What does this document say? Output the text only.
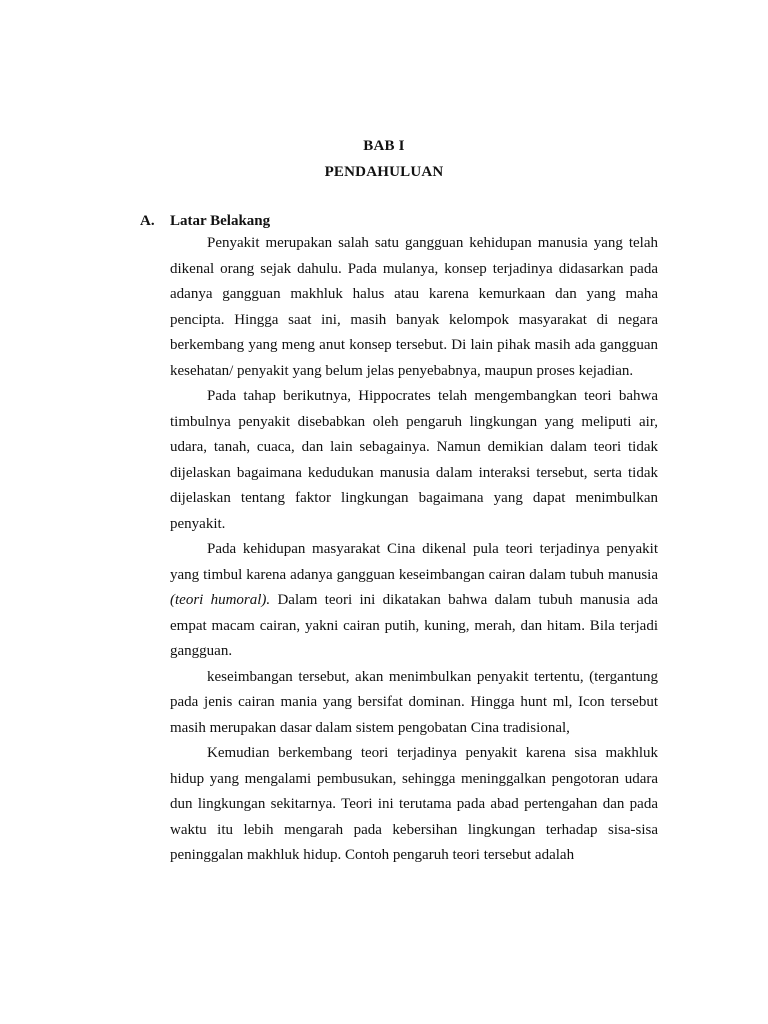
BAB I
PENDAHULUAN
A. Latar Belakang

Penyakit merupakan salah satu gangguan kehidupan manusia yang telah dikenal orang sejak dahulu. Pada mulanya, konsep terjadinya didasarkan pada adanya gangguan makhluk halus atau karena kemurkaan dan yang maha pencipta. Hingga saat ini, masih banyak kelompok masyarakat di negara berkembang yang meng anut konsep tersebut. Di lain pihak masih ada gangguan kesehatan/ penyakit yang belum jelas penyebabnya, maupun proses kejadian.

Pada tahap berikutnya, Hippocrates telah mengembangkan teori bahwa timbulnya penyakit disebabkan oleh pengaruh lingkungan yang meliputi air, udara, tanah, cuaca, dan lain sebagainya. Namun demikian dalam teori tidak dijelaskan bagaimana kedudukan manusia dalam interaksi tersebut, serta tidak dijelaskan tentang faktor lingkungan bagaimana yang dapat menimbulkan penyakit.

Pada kehidupan masyarakat Cina dikenal pula teori terjadinya penyakit yang timbul karena adanya gangguan keseimbangan cairan dalam tubuh manusia (teori humoral). Dalam teori ini dikatakan bahwa dalam tubuh manusia ada empat macam cairan, yakni cairan putih, kuning, merah, dan hitam. Bila terjadi gangguan.

keseimbangan tersebut, akan menimbulkan penyakit tertentu, (tergantung pada jenis cairan mania yang bersifat dominan. Hingga hunt ml, Icon tersebut masih merupakan dasar dalam sistem pengobatan Cina tradisional,

Kemudian berkembang teori terjadinya penyakit karena sisa makhluk hidup yang mengalami pembusukan, sehingga meninggalkan pengotoran udara dun lingkungan sekitarnya. Teori ini terutama pada abad pertengahan dan pada waktu itu lebih mengarah pada kebersihan lingkungan terhadap sisa-sisa peninggalan makhluk hidup. Contoh pengaruh teori tersebut adalah
